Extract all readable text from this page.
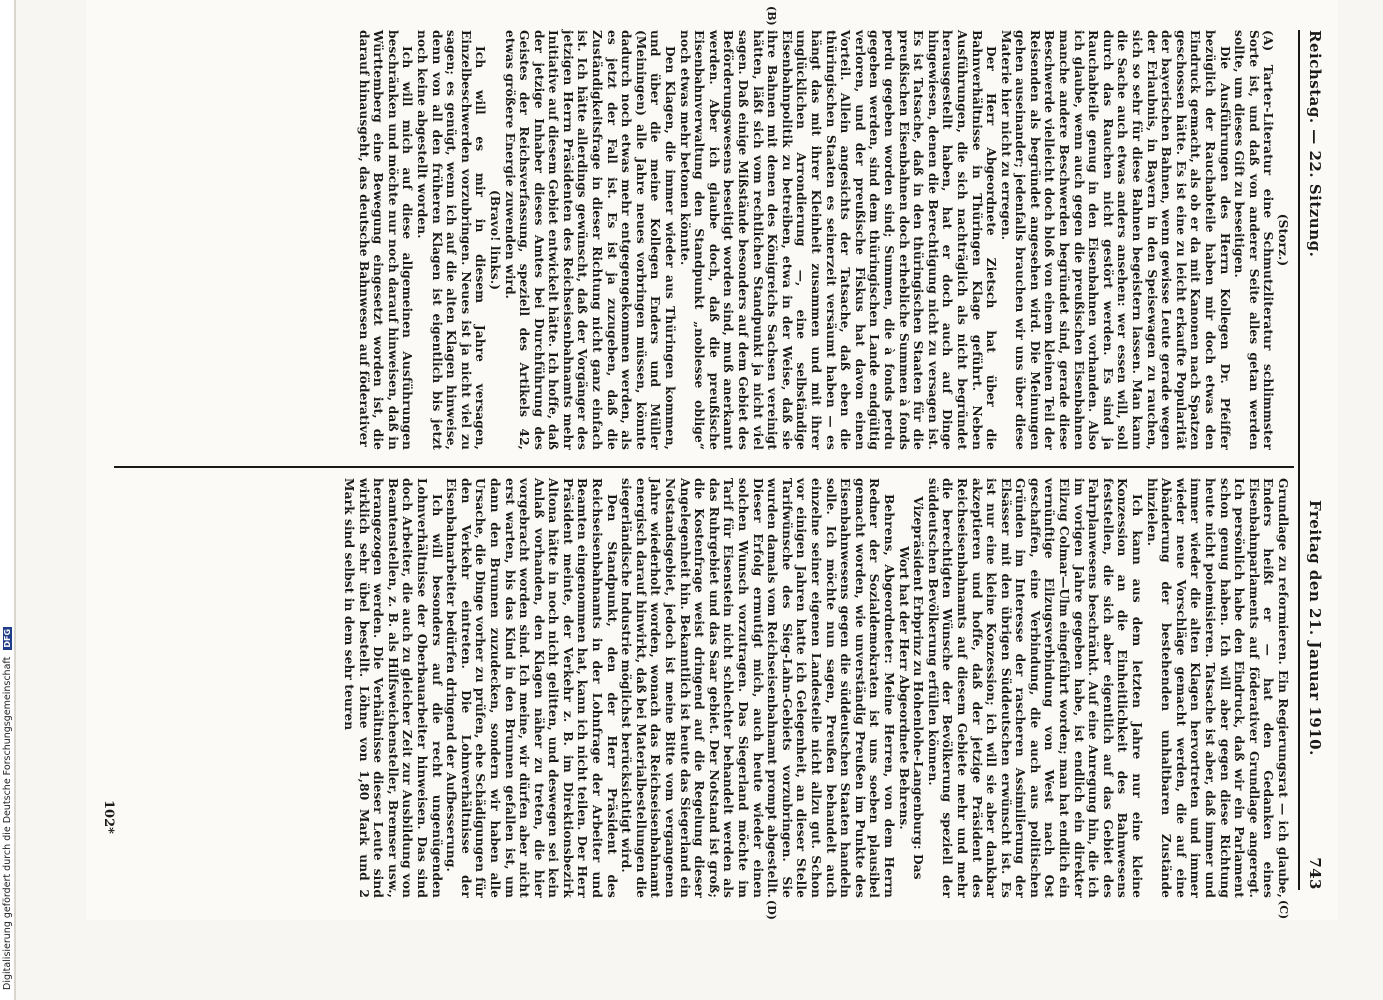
Digitalisierung gefördert durch die Deutsche Forschungsgemeinschaft DFG
Reichstag. — 22. Sitzung.
Freitag den 21. Januar 1910.
743

(Storz.)

(A) Tarter-Literatur eine Schmutzliteratur schlimmster Sorte ist, und daß von anderer Seite alles getan werden sollte, um dieses Gift zu beseitigen.

Die Ausführungen des Herrn Kollegen Dr. Pfeiffer bezüglich der Rauchabteile haben mir doch etwas den Eindruck gemacht, als ob er da mit Kanonen nach Spatzen geschossen hätte. Es ist eine zu leicht erkaufte Popularität der bayerischen Bahnen, wenn gewisse Leute gerade wegen der Erlaubnis, in Bayern in den Speisewagen zu rauchen, sich so sehr für diese Bahnen begeistern lassen. Man kann die Sache auch etwas anders ansehen: wer essen will, soll durch das Rauchen nicht gestört werden. Es sind ja Rauchabteile genug in den Eisenbahnen vorhanden. Also ich glaube, wenn auch gegen die preußischen Eisenbahnen manche andere Beschwerden begründet sind, gerade diese Beschwerde vielleicht doch bloß von einem kleinen Teil der Reisenden als begründet angesehen wird. Die Meinungen gehen auseinander; jedenfalls brauchen wir uns über diese Materie hier nicht zu erregen.

Der Herr Abgeordnete Zietsch hat über die Bahnverhältnisse in Thüringen Klage geführt. Neben Ausführungen, die sich nachträglich als nicht begründet herausgestellt haben, hat er doch auch auf Dinge hingewiesen, denen die Berechtigung nicht zu versagen ist. Es ist Tatsache, daß in den thüringischen Staaten für die preußischen Eisenbahnen doch erhebliche Summen à fonds perdu gegeben worden sind; Summen, die à fonds perdu gegeben werden, sind dem thüringischen Lande endgültig verloren, und der preußische Fiskus hat davon einen Vorteil. Allein angesichts der Tatsache, daß eben die thüringischen Staaten es seinerzeit versäumt haben — es hängt das mit ihrer Kleinheit zusammen und mit ihrer unglücklichen Arrondierung —, eine selbständige Eisenbahnpolitik zu betreiben, etwa in der Weise, daß sie ihre Bahnen mit denen des Königreichs Sachsen vereinigt hätten, läßt sich vom rechtlichen Standpunkt ja nicht viel sagen. Daß einige Mißstände besonders auf dem Gebiet des Beförderungswesens beseitigt worden sind, muß anerkannt werden. Aber ich glaube doch, daß die preußische Eisenbahnverwaltung den Standpunkt „noblesse oblige“ noch etwas mehr betonen könnte.

Den Klagen, die immer wieder aus Thüringen kommen, und über die meine Kollegen Enders und Müller (Meiningen) alle Jahre neues vorbringen müssen, könnte dadurch noch etwas mehr entgegengekommen werden, als es jetzt der Fall ist. Es ist ja zuzugeben, daß die Zuständigkeitsfrage in dieser Richtung nicht ganz einfach ist. Ich hätte allerdings gewünscht, daß der Vorgänger des jetzigen Herrn Präsidenten des Reichseisenbahnamts mehr Initiative auf diesem Gebiet entwickelt hätte. Ich hoffe, daß der jetzige Inhaber dieses Amtes bei Durchführung des Geistes der Reichsverfassung, speziell des Artikels 42, etwas größere Energie zuwenden wird.

(Bravo! links.)

Ich will es mir in diesem Jahre versagen, Einzelbeschwerden vorzubringen. Neues ist ja nicht viel zu sagen; es genügt, wenn ich auf die alten Klagen hinweise, denn von all den früheren Klagen ist eigentlich bis jetzt noch keine abgestellt worden.

Ich will mich auf diese allgemeinen Ausführungen beschränken und möchte nur noch darauf hinweisen, daß in Württemberg eine Bewegung eingesetzt worden ist, die darauf hinausgeht, das deutsche Bahnwesen auf föderativer

(B)

Grundlage zu reformieren. Ein Regierungsrat — ich glaube, Enders heißt er — hat den Gedanken eines Eisenbahnparlaments auf föderativer Grundlage angeregt. Ich persönlich habe den Eindruck, daß wir ein Parlament schon genug haben. Ich will aber gegen diese Richtung heute nicht polemisieren. Tatsache ist aber, daß immer und immer wieder die alten Klagen hervortreten und immer wieder neue Vorschläge gemacht werden, die auf eine Abänderung der bestehenden unhaltbaren Zustände hinzielen.

Ich kann aus dem letzten Jahre nur eine kleine Konzession an die Einheitlichkeit des Bahnwesens feststellen, die sich aber eigentlich auf das Gebiet des Fahrplanwesens beschränkt. Auf eine Anregung hin, die ich im vorigen Jahre gegeben habe, ist endlich ein direkter Eilzug Colmar—Ulm eingeführt worden; man hat endlich ein vernünftige Eilzugsverbindung von West nach Ost geschaffen, eine Verbindung, die auch aus politischen Gründen im Interesse der rascheren Assimilierung der Elsässer mit den übrigen Süddeutschen erwünscht ist. Es ist nur eine kleine Konzession; ich will sie aber dankbar akzeptieren und hoffe, daß der jetzige Präsident des Reichseisenbahnamts auf diesem Gebiete mehr und mehr die berechtigten Wünsche der Bevölkerung speziell der süddeutschen Bevölkerung erfüllen können.

Vizepräsident Erbprinz zu Hohenlohe-Langenburg: Das Wort hat der Herr Abgeordnete Behrens.

Behrens, Abgeordneter: Meine Herren, von dem Herrn Redner der Sozialdemokraten ist uns soeben plausibel gemacht worden, wie unverständig Preußen im Punkte des Eisenbahnwesens gegen die süddeutschen Staaten handeln solle. Ich möchte nun sagen, Preußen behandelt auch einzelne seiner eigenen Landesteile nicht allzu gut. Schon vor einigen Jahren hatte ich Gelegenheit, an dieser Stelle Tarifwünsche des Sieg-Lahn-Gebiets vorzubringen. Sie wurden damals vom Reichseisenbahnamt prompt abgestellt. Dieser Erfolg ermutigt mich, auch heute wieder einen solchen Wunsch vorzutragen. Das Siegerland möchte im Tarif für Eisenstein nicht schlechter behandelt werden als das Ruhrgebiet und das Saar gebiet. Der Notstand ist groß; die Kostenfrage weist dringend auf die Regelung dieser Angelegenheit hin. Bekanntlich ist heute das Siegerland ein Notstandsgebiet, jedoch ist meine Bitte vom vergangenen Jahre wiederholt worden, wonach das Reichseisenbahnamt energisch darauf hinwirkt, daß bei Materialbestellungen die siegerländische Industrie möglichst berücksichtigt wird.

Den Standpunkt, den der Herr Präsident des Reichseisenbahnamts in der Lohnfrage der Arbeiter und Beamten eingenommen hat, kann ich nicht teilen. Der Herr Präsident meinte, der Verkehr z. B. im Direktionsbezirk Altona hätte in noch nicht gelitten, und deswegen sei kein Anlaß vorhanden, den Klagen näher zu treten, die hier vorgebracht worden sind. Ich meine, wir dürfen aber nicht erst warten, bis das Kind in den Brunnen gefallen ist, um dann den Brunnen zuzudecken, sondern wir haben alle Ursache, die Dinge vorher zu prüfen, ehe Schädigungen für den Verkehr eintreten. Die Lohnverhältnisse der Eisenbahnarbeiter bedürfen dringend der Aufbesserung.

Ich will besonders auf die recht ungenügenden Lohnverhältnisse der Oberbauarbeiter hinweisen. Das sind doch Arbeiter, die auch zu gleicher Zeit zur Ausbildung von Beamtenstellen, z. B. als Hilfsweichensteller, Bremser usw., herangezogen werden. Die Verhältnisse dieser Leute sind wirklich sehr übel bestellt. Löhne von 1,80 Mark und 2 Mark sind selbst in dem sehr teuren

(C)
(D)
102*
